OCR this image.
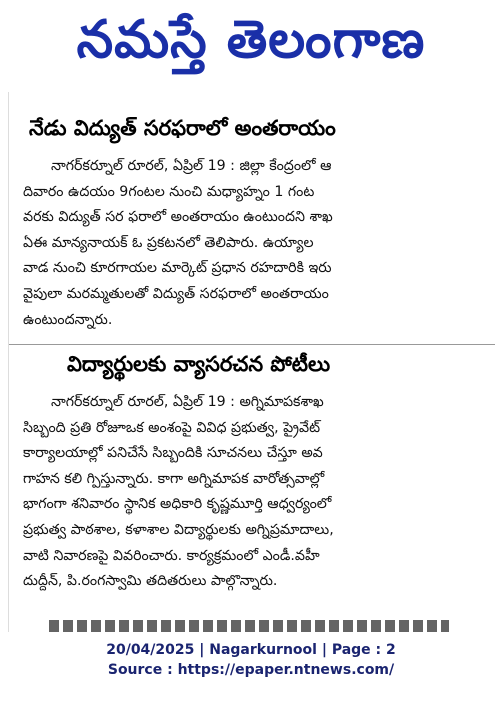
నమస్తే తెలంగాణ

నేడు విద్యుత్ సరఫరాలో అంతరాయం
నాగర్‌కర్నూల్ రూరల్, ఏప్రిల్ 19 : జిల్లా కేంద్రంలో ఆ
దివారం ఉదయం 9గంటల నుంచి మధ్యాహ్నం 1 గంట
వరకు విద్యుత్ సర ఫరాలో అంతరాయం ఉంటుందని శాఖ
ఏఈ మాన్యనాయక్ ఓ ప్రకటనలో తెలిపారు. ఉయ్యాల
వాడ నుంచి కూరగాయల మార్కెట్ ప్రధాన రహదారికి ఇరు
వైపులా మరమ్మతులతో విద్యుత్ సరఫరాలో అంతరాయం
ఉంటుందన్నారు.
విద్యార్థులకు వ్యాసరచన పోటీలు
నాగర్‌కర్నూల్ రూరల్, ఏప్రిల్ 19 : అగ్నిమాపకశాఖ
సిబ్బంది ప్రతి రోజూఒక అంశంపై వివిధ ప్రభుత్వ, ప్రైవేట్
కార్యాలయాల్లో పనిచేసే సిబ్బందికి సూచనలు చేస్తూ అవ
గాహన కలి గ్పిస్తున్నారు. కాగా అగ్నిమాపక వారోత్సవాల్లో
భాగంగా శనివారం స్థానిక అధికారి కృష్ణమూర్తి ఆధ్వర్యంలో
ప్రభుత్వ పాఠశాల, కళాశాల విద్యార్థులకు అగ్నిప్రమాదాలు,
వాటి నివారణపై వివరించారు. కార్యక్రమంలో ఎండీ.వహీ
దుద్దీన్, పి.రంగస్వామి తదితరులు పాల్గొన్నారు.
20/04/2025 | Nagarkurnool | Page : 2
Source : https://epaper.ntnews.com/
